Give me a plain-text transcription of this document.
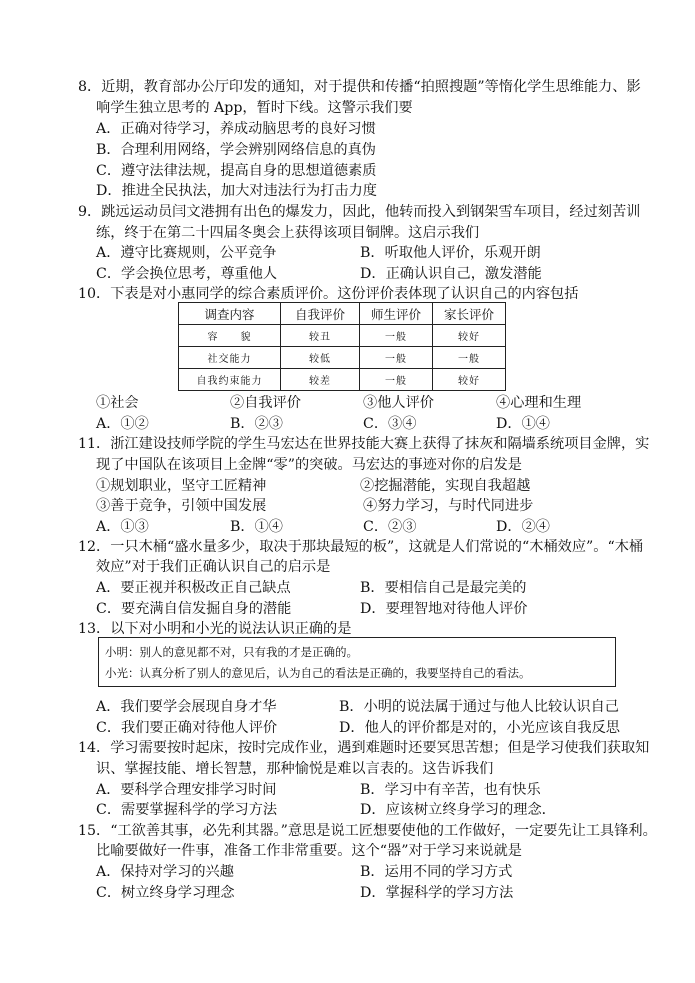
8．近期，教育部办公厅印发的通知，对于提供和传播“拍照搜题”等惰化学生思维能力、影
响学生独立思考的 App，暂时下线。这警示我们要
A．正确对待学习，养成动脑思考的良好习惯
B．合理利用网络，学会辨别网络信息的真伪
C．遵守法律法规，提高自身的思想道德素质
D．推进全民执法，加大对违法行为打击力度
9．跳远运动员闫文港拥有出色的爆发力，因此，他转而投入到钢架雪车项目，经过刻苦训
练，终于在第二十四届冬奥会上获得该项目铜牌。这启示我们
A．遵守比赛规则，公平竞争	B．听取他人评价，乐观开朗
C．学会换位思考，尊重他人	D．正确认识自己，激发潜能
10．下表是对小惠同学的综合素质评价。这份评价表体现了认识自己的内容包括
调查内容	自我评价	师生评价	家长评价
容　　貌	较丑	一般	较好
社交能力	较低	一般	一般
自我约束能力	较差	一般	较好
①社会	②自我评价	③他人评价	④心理和生理
A．①②	B．②③	C．③④	D．①④
11．浙江建设技师学院的学生马宏达在世界技能大赛上获得了抹灰和隔墙系统项目金牌，实
现了中国队在该项目上金牌“零”的突破。马宏达的事迹对你的启发是
①规划职业，坚守工匠精神	②挖掘潜能，实现自我超越
③善于竞争，引领中国发展	④努力学习，与时代同进步
A．①③	B．①④	C．②③	D．②④
12．一只木桶“盛水量多少，取决于那块最短的板”，这就是人们常说的“木桶效应”。“木桶
效应”对于我们正确认识自己的启示是
A．要正视并积极改正自己缺点	B．要相信自己是最完美的
C．要充满自信发掘自身的潜能	D．要理智地对待他人评价
13．以下对小明和小光的说法认识正确的是
小明：别人的意见都不对，只有我的才是正确的。
小光：认真分析了别人的意见后，认为自己的看法是正确的，我要坚持自己的看法。
A．我们要学会展现自身才华	B．小明的说法属于通过与他人比较认识自己
C．我们要正确对待他人评价	D．他人的评价都是对的，小光应该自我反思
14．学习需要按时起床，按时完成作业，遇到难题时还要冥思苦想；但是学习使我们获取知
识、掌握技能、增长智慧，那种愉悦是难以言表的。这告诉我们
A．要科学合理安排学习时间	B．学习中有辛苦，也有快乐
C．需要掌握科学的学习方法	D．应该树立终身学习的理念．
15．“工欲善其事，必先利其器。”意思是说工匠想要使他的工作做好，一定要先让工具锋利。
比喻要做好一件事，准备工作非常重要。这个“器”对于学习来说就是
A．保持对学习的兴趣	B．运用不同的学习方式
C．树立终身学习理念	D．掌握科学的学习方法
